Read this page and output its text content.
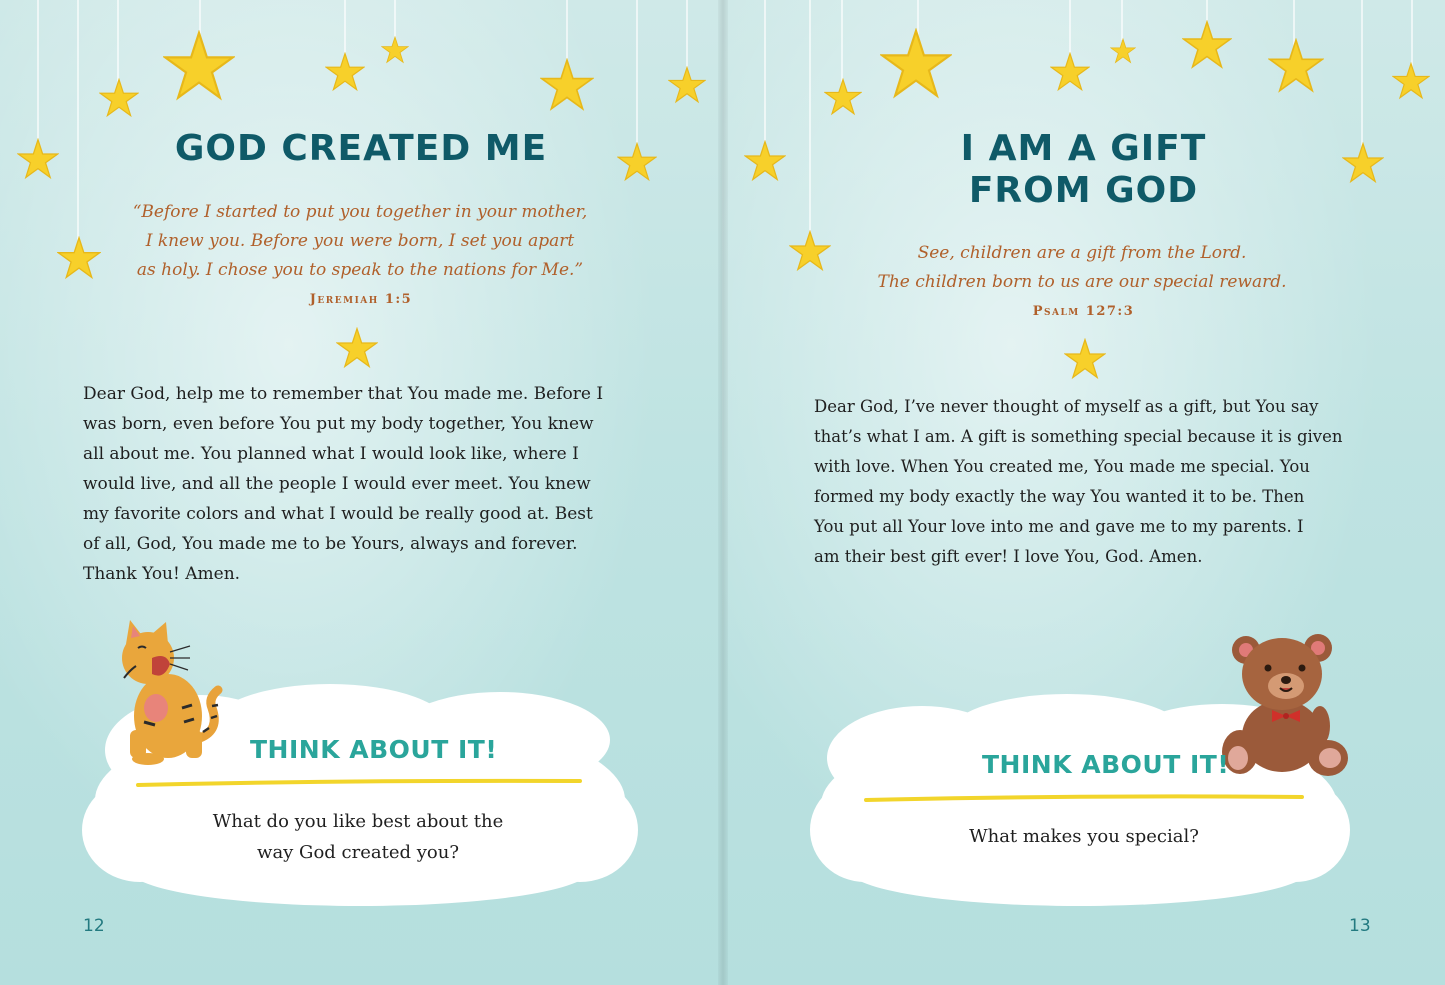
GOD CREATED ME

“Before I started to put you together in your mother,

I knew you. Before you were born, I set you apart

as holy. I chose you to speak to the nations for Me.”

Jeremiah 1:5
Dear God, help me to remember that You made me. Before I
was born, even before You put my body together, You knew
all about me. You planned what I would look like, where I
would live, and all the people I would ever meet. You knew
my favorite colors and what I would be really good at. Best
of all, God, You made me to be Yours, always and forever.
Thank You! Amen.
THINK ABOUT IT!
What do you like best about the
way God created you?
12
I AM A GIFT
FROM GOD

See, children are a gift from the Lord.

The children born to us are our special reward.

Psalm 127:3
Dear God, I’ve never thought of myself as a gift, but You say
that’s what I am. A gift is something special because it is given
with love. When You created me, You made me special. You
formed my body exactly the way You wanted it to be. Then
You put all Your love into me and gave me to my parents. I
am their best gift ever! I love You, God. Amen.
THINK ABOUT IT!
What makes you special?
13
